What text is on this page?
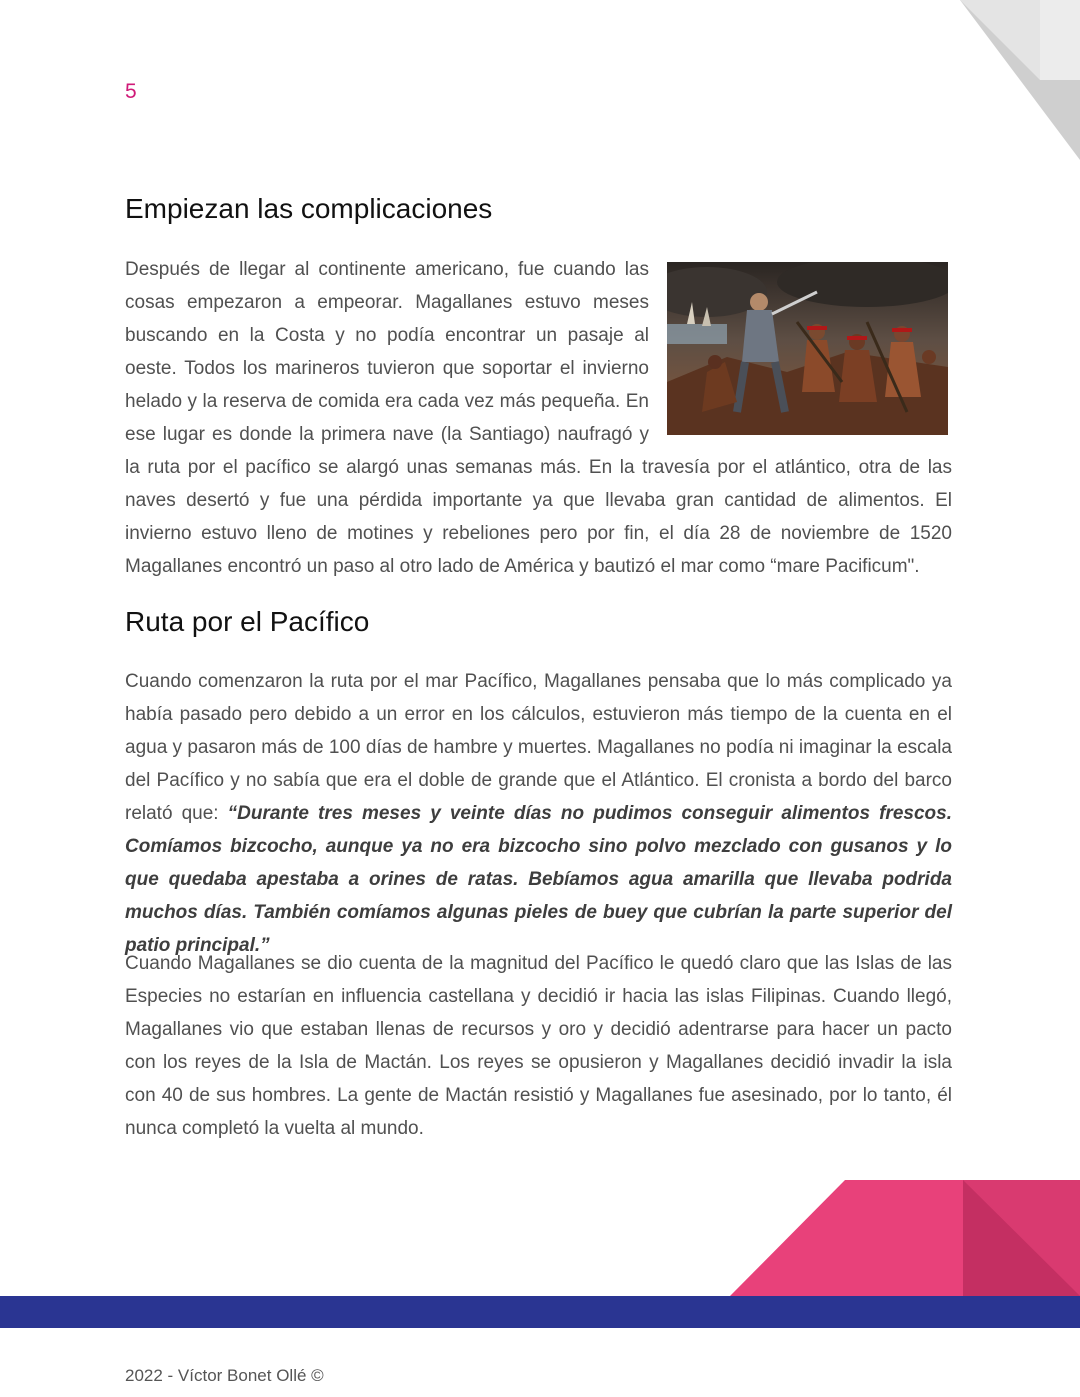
5
Empiezan las complicaciones

Después de llegar al continente americano, fue cuando las cosas empezaron a empeorar. Magallanes estuvo meses buscando en la Costa y no podía encontrar un pasaje al oeste. Todos los marineros tuvieron que soportar el invierno helado y la reserva de comida era cada vez más pequeña. En ese lugar es donde la primera nave (la Santiago) naufragó y la ruta por el pacífico se alargó unas semanas más. En la travesía por el atlántico, otra de las naves desertó y fue una pérdida importante ya que llevaba gran cantidad de alimentos. El invierno estuvo lleno de motines y rebeliones pero por fin, el día 28 de noviembre de 1520 Magallanes encontró un paso al otro lado de América y bautizó el mar como “mare Pacificum".

Ruta por el Pacífico

Cuando comenzaron la ruta por el mar Pacífico, Magallanes pensaba que lo más complicado ya había pasado pero debido a un error en los cálculos, estuvieron más tiempo de la cuenta en el agua y pasaron más de 100 días de hambre y muertes. Magallanes no podía ni imaginar la escala del Pacífico y no sabía que era el doble de grande que el Atlántico. El cronista a bordo del barco relató que: “Durante tres meses y veinte días no pudimos conseguir alimentos frescos. Comíamos bizcocho, aunque ya no era bizcocho sino polvo mezclado con gusanos y lo que quedaba apestaba a orines de ratas. Bebíamos agua amarilla que llevaba podrida muchos días. También comíamos algunas pieles de buey que cubrían la parte superior del patio principal.”

Cuando Magallanes se dio cuenta de la magnitud del Pacífico le quedó claro que las Islas de las Especies no estarían en influencia castellana y decidió ir hacia las islas Filipinas. Cuando llegó, Magallanes vio que estaban llenas de recursos y oro y decidió adentrarse para hacer un pacto con los reyes de la Isla de Mactán. Los reyes se opusieron y Magallanes decidió invadir la isla con 40 de sus hombres. La gente de Mactán resistió y Magallanes fue asesinado, por lo tanto, él nunca completó la vuelta al mundo.

2022 - Víctor Bonet Ollé ©
